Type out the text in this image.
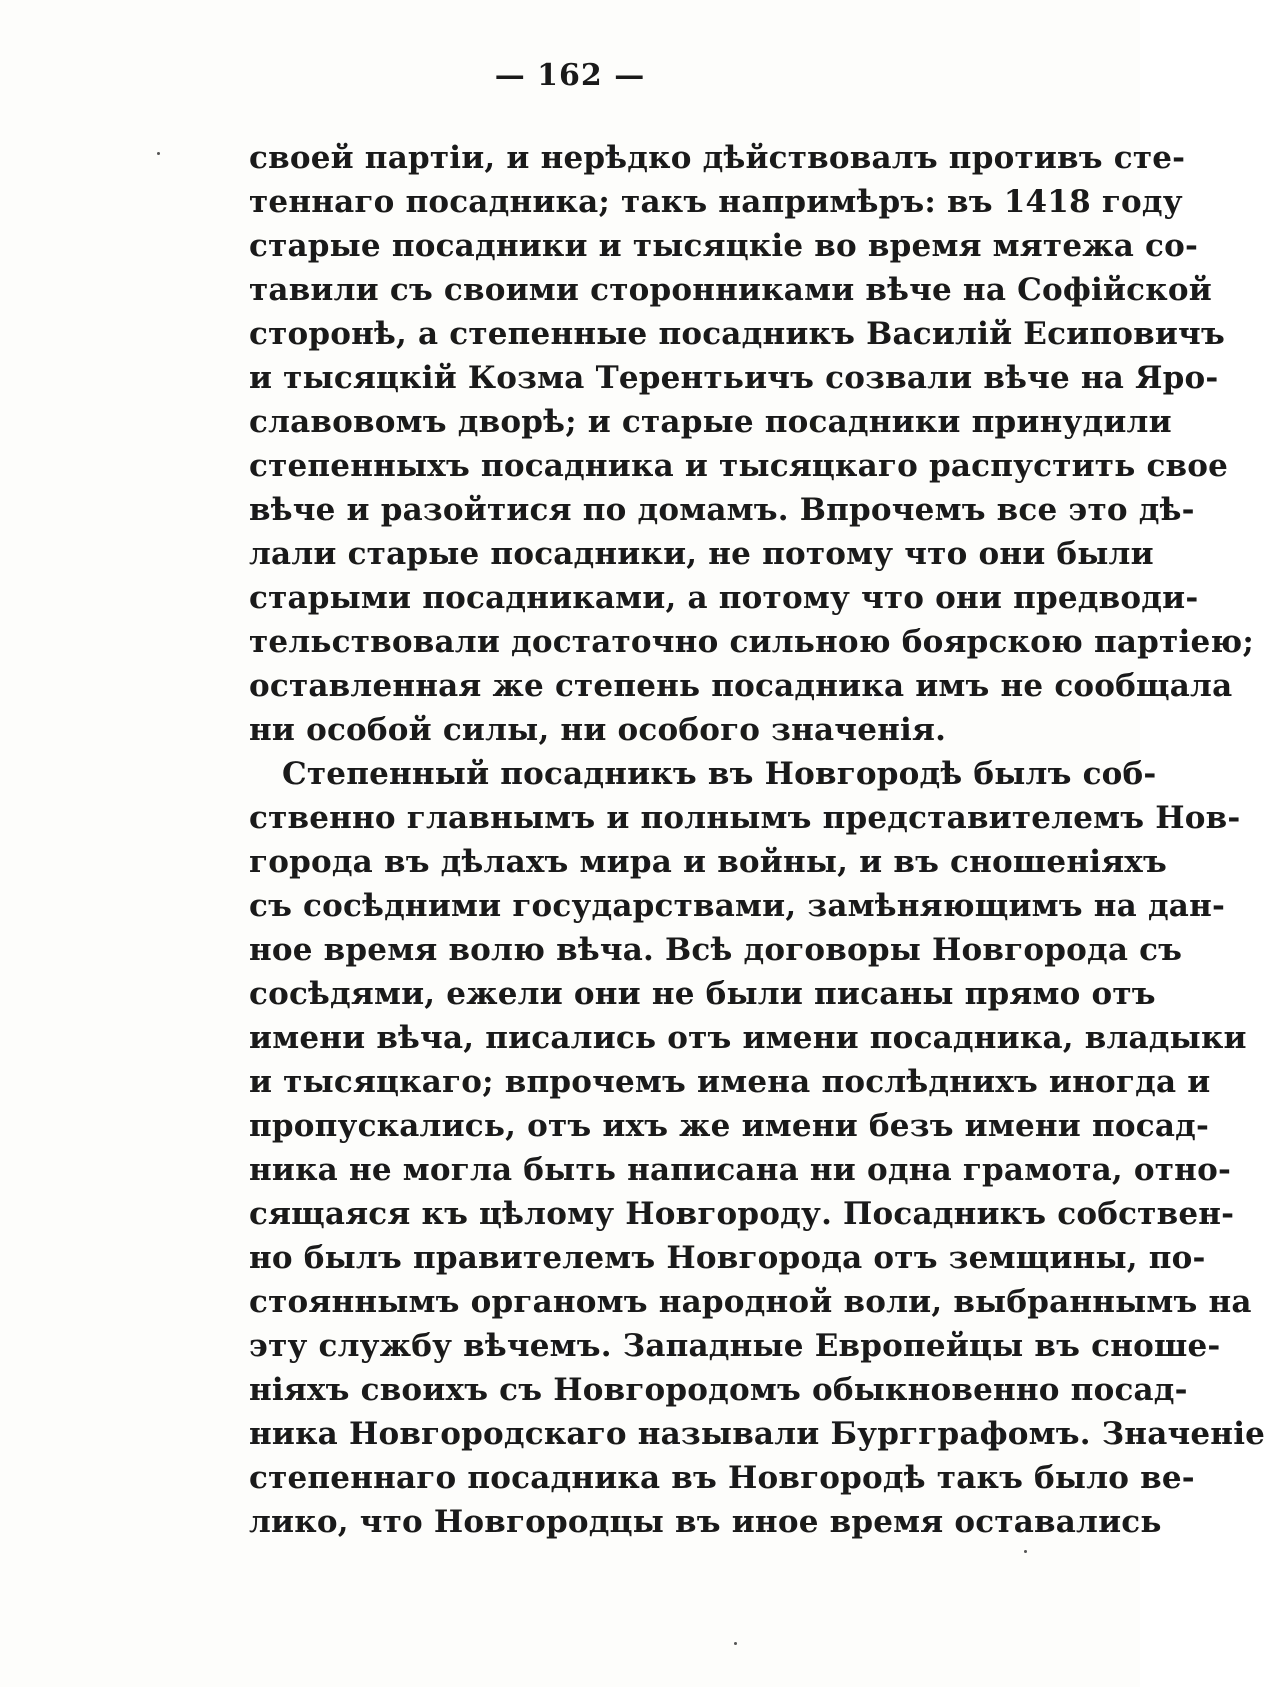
— 162 —
своей партіи, и нерѣдко дѣйствовалъ противъ сте-
теннаго посадника; такъ напримѣръ: въ 1418 году
старые посадники и тысяцкіе во время мятежа со-
тавили съ своими сторонниками вѣче на Софійской
сторонѣ, а степенные посадникъ Василій Есиповичъ
и тысяцкій Козма Терентьичъ созвали вѣче на Яро-
славовомъ дворѣ; и старые посадники принудили
степенныхъ посадника и тысяцкаго распустить свое
вѣче и разойтися по домамъ. Впрочемъ все это дѣ-
лали старые посадники, не потому что они были
старыми посадниками, а потому что они предводи-
тельствовали достаточно сильною боярскою партіею;
оставленная же степень посадника имъ не сообщала
ни особой силы, ни особого значенія.
Степенный посадникъ въ Новгородѣ былъ соб-
ственно главнымъ и полнымъ представителемъ Нов-
города въ дѣлахъ мира и войны, и въ сношеніяхъ
съ сосѣдними государствами, замѣняющимъ на дан-
ное время волю вѣча. Всѣ договоры Новгорода съ
сосѣдями, ежели они не были писаны прямо отъ
имени вѣча, писались отъ имени посадника, владыки
и тысяцкаго; впрочемъ имена послѣднихъ иногда и
пропускались, отъ ихъ же имени безъ имени посад-
ника не могла быть написана ни одна грамота, отно-
сящаяся къ цѣлому Новгороду. Посадникъ собствен-
но былъ правителемъ Новгорода отъ земщины, по-
стояннымъ органомъ народной воли, выбраннымъ на
эту службу вѣчемъ. Западные Европейцы въ сноше-
ніяхъ своихъ съ Новгородомъ обыкновенно посад-
ника Новгородскаго называли Бургграфомъ. Значеніе
степеннаго посадника въ Новгородѣ такъ было ве-
лико, что Новгородцы въ иное время оставались
